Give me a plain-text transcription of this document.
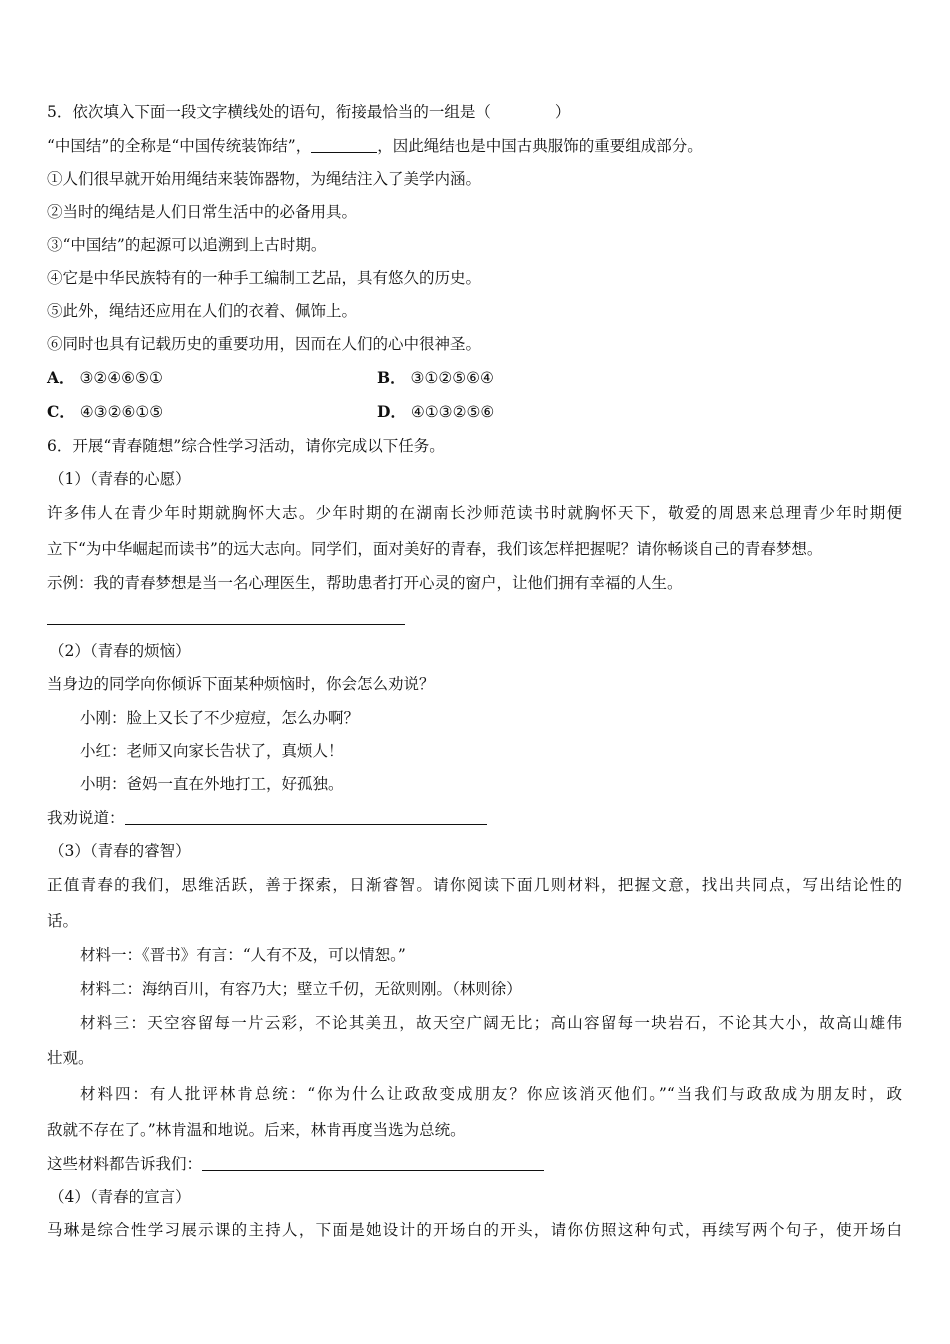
5．依次填入下面一段文字横线处的语句，衔接最恰当的一组是（	）
“中国结”的全称是“中国传统装饰结”，	，因此绳结也是中国古典服饰的重要组成部分。
①人们很早就开始用绳结来装饰器物，为绳结注入了美学内涵。
②当时的绳结是人们日常生活中的必备用具。
③“中国结”的起源可以追溯到上古时期。
④它是中华民族特有的一种手工编制工艺品，具有悠久的历史。
⑤此外，绳结还应用在人们的衣着、佩饰上。
⑥同时也具有记载历史的重要功用，因而在人们的心中很神圣。
A． ③②④⑥⑤①	B． ③①②⑤⑥④
C． ④③②⑥①⑤	D． ④①③②⑤⑥
6．开展“青春随想”综合性学习活动，请你完成以下任务。
（1）（青春的心愿）
许多伟人在青少年时期就胸怀大志。少年时期的在湖南长沙师范读书时就胸怀天下，敬爱的周恩来总理青少年时期便
立下“为中华崛起而读书”的远大志向。同学们，面对美好的青春，我们该怎样把握呢？请你畅谈自己的青春梦想。
示例：我的青春梦想是当一名心理医生，帮助患者打开心灵的窗户，让他们拥有幸福的人生。
（2）（青春的烦恼）
当身边的同学向你倾诉下面某种烦恼时，你会怎么劝说？
小刚：脸上又长了不少痘痘，怎么办啊？
小红：老师又向家长告状了，真烦人！
小明：爸妈一直在外地打工，好孤独。
我劝说道：
（3）（青春的睿智）
正值青春的我们，思维活跃，善于探索，日渐睿智。请你阅读下面几则材料，把握文意，找出共同点，写出结论性的
话。
材料一：《晋书》有言：“人有不及，可以情恕。”
材料二：海纳百川，有容乃大；壁立千仞，无欲则刚。（林则徐）
材料三：天空容留每一片云彩，不论其美丑，故天空广阔无比；高山容留每一块岩石，不论其大小，故高山雄伟
壮观。
材料四：有人批评林肯总统：“你为什么让政敌变成朋友？你应该消灭他们。”“当我们与政敌成为朋友时，政
敌就不存在了。”林肯温和地说。后来，林肯再度当选为总统。
这些材料都告诉我们：
（4）（青春的宣言）
马琳是综合性学习展示课的主持人，下面是她设计的开场白的开头，请你仿照这种句式，再续写两个句子，使开场白
